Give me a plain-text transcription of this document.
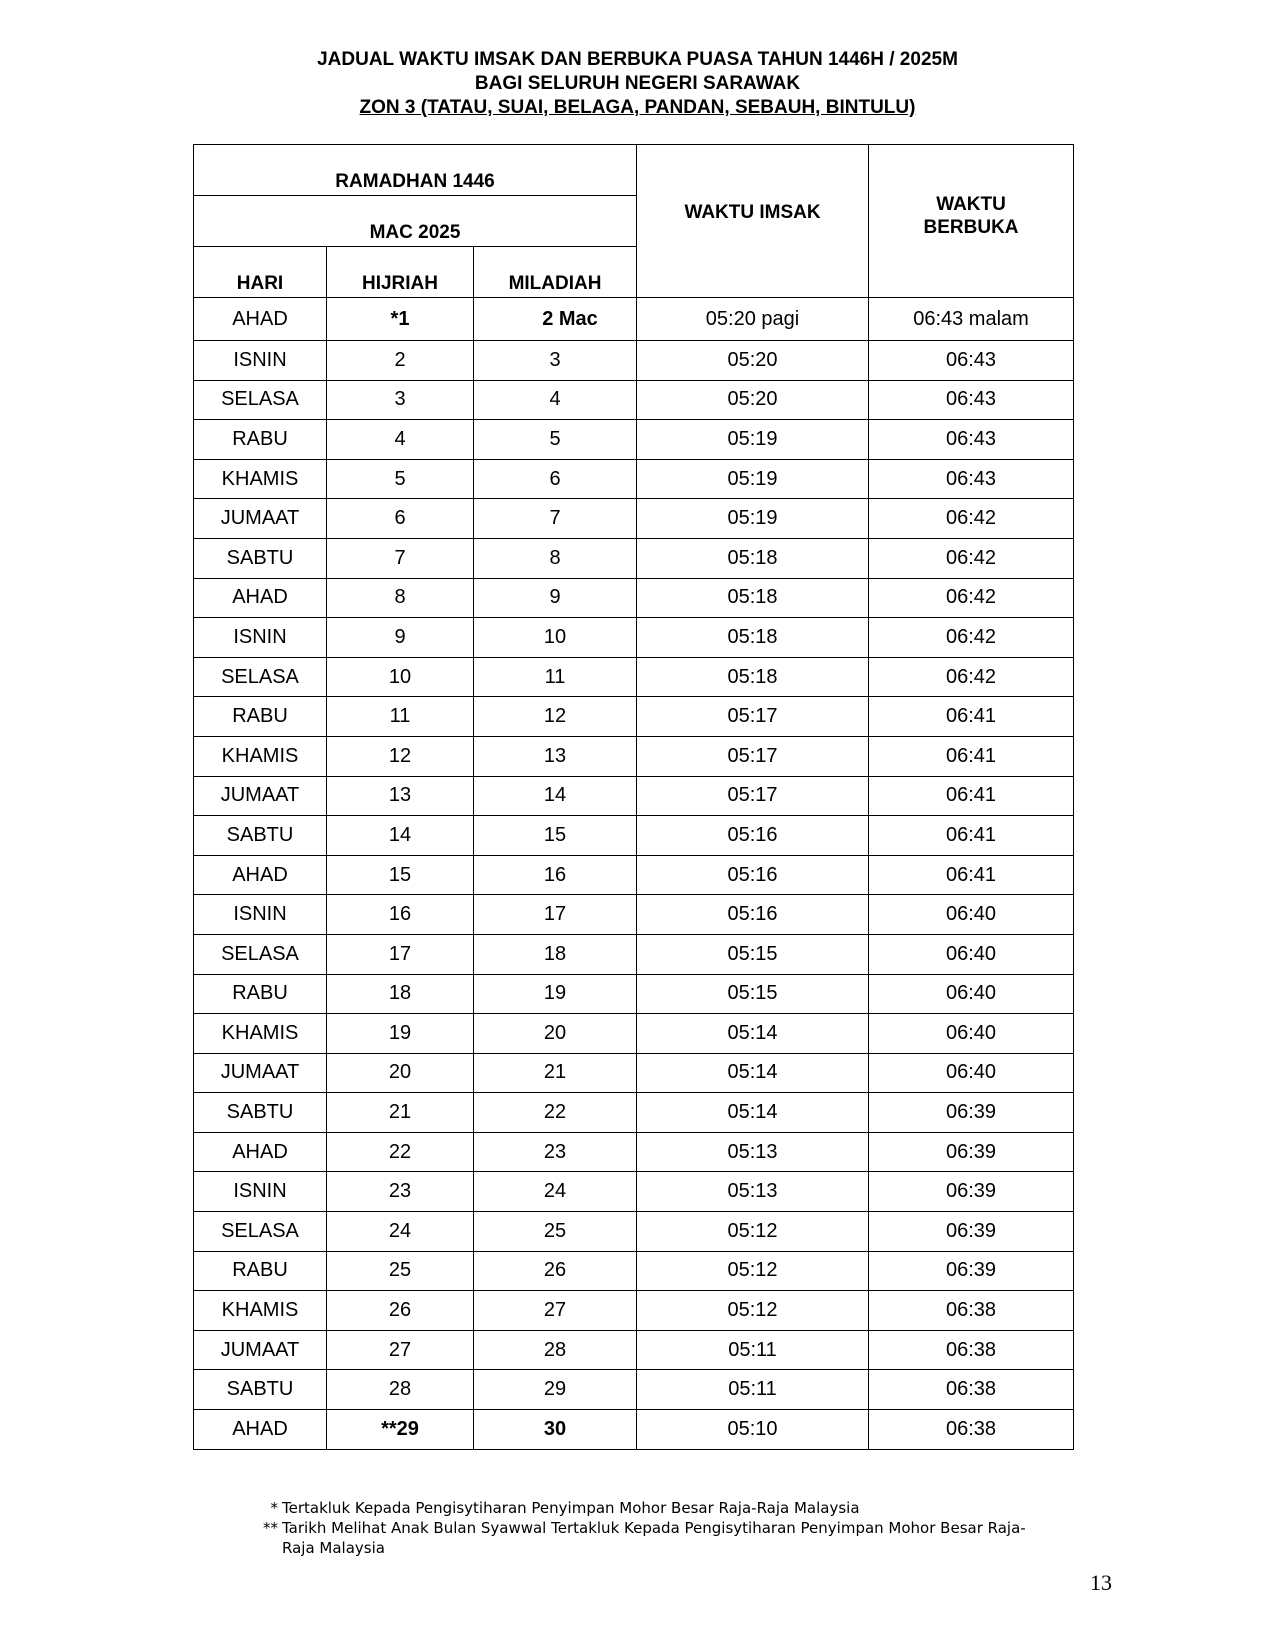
JADUAL WAKTU IMSAK DAN BERBUKA PUASA TAHUN 1446H / 2025M
BAGI SELURUH NEGERI SARAWAK
ZON 3 (TATAU, SUAI, BELAGA, PANDAN, SEBAUH, BINTULU)
RAMADHAN 1446			WAKTU IMSAK	WAKTU
BERBUKA

MAC 2025				
HARI	HIJRIAH	MILADIAH		
AHAD	*1	2 Mac	05:20 pagi	06:43 malam
ISNIN	2	3	05:20	06:43
SELASA	3	4	05:20	06:43
RABU	4	5	05:19	06:43
KHAMIS	5	6	05:19	06:43
JUMAAT	6	7	05:19	06:42
SABTU	7	8	05:18	06:42
AHAD	8	9	05:18	06:42
ISNIN	9	10	05:18	06:42
SELASA	10	11	05:18	06:42
RABU	11	12	05:17	06:41
KHAMIS	12	13	05:17	06:41
JUMAAT	13	14	05:17	06:41
SABTU	14	15	05:16	06:41
AHAD	15	16	05:16	06:41
ISNIN	16	17	05:16	06:40
SELASA	17	18	05:15	06:40
RABU	18	19	05:15	06:40
KHAMIS	19	20	05:14	06:40
JUMAAT	20	21	05:14	06:40
SABTU	21	22	05:14	06:39
AHAD	22	23	05:13	06:39
ISNIN	23	24	05:13	06:39
SELASA	24	25	05:12	06:39
RABU	25	26	05:12	06:39
KHAMIS	26	27	05:12	06:38
JUMAAT	27	28	05:11	06:38
SABTU	28	29	05:11	06:38
AHAD	**29	30	05:10	06:38
* Tertakluk Kepada Pengisytiharan Penyimpan Mohor Besar Raja-Raja Malaysia
** Tarikh Melihat Anak Bulan Syawwal Tertakluk Kepada Pengisytiharan Penyimpan Mohor Besar Raja-Raja Malaysia
13
